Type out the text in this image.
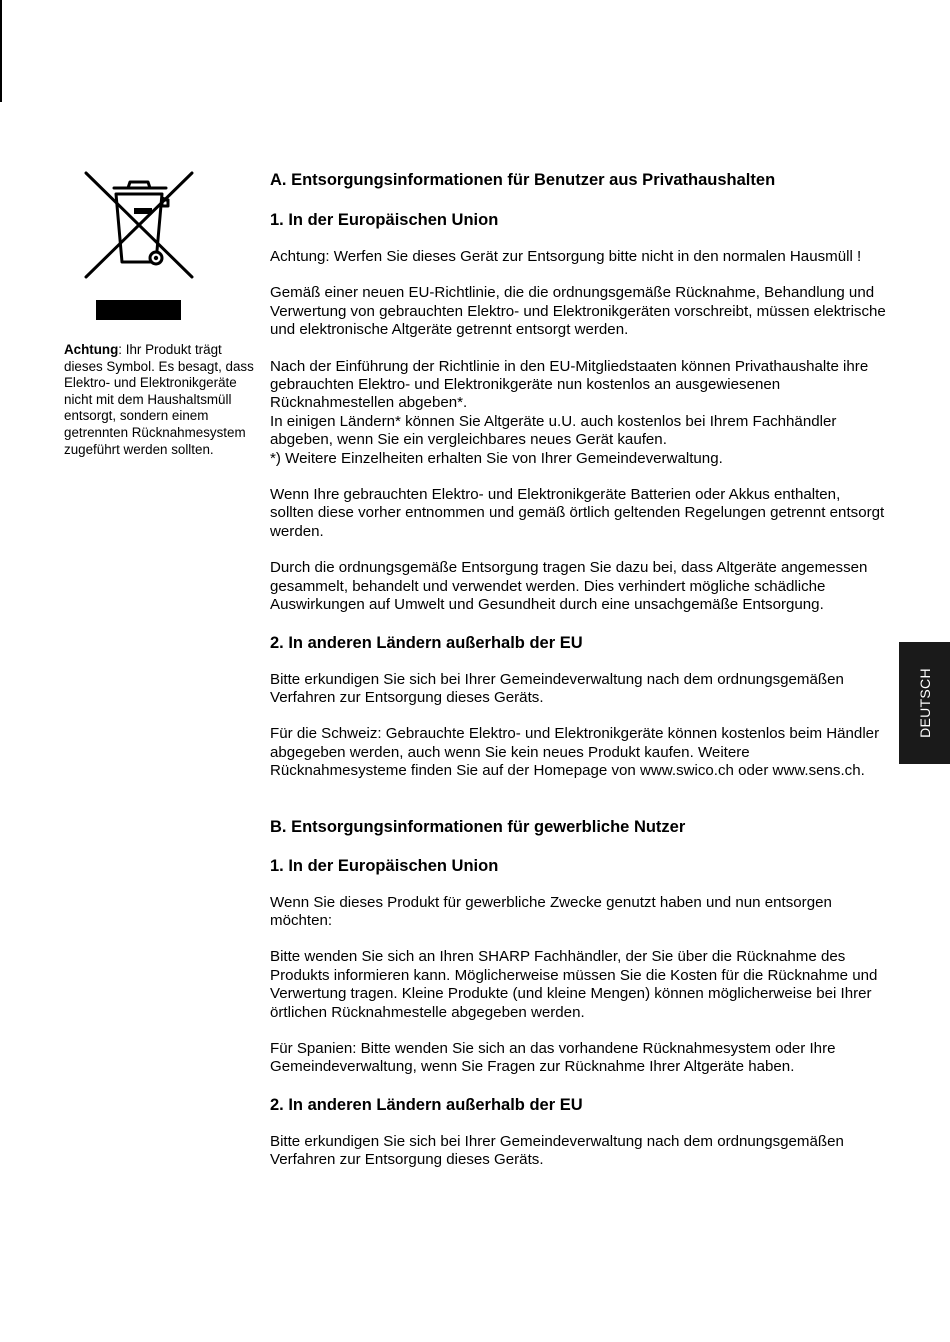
Achtung: Ihr Produkt trägt dieses Symbol. Es besagt, dass Elektro- und Elektronikgeräte nicht mit dem Haushaltsmüll entsorgt, sondern einem getrennten Rücknahmesystem zugeführt werden sollten.

A. Entsorgungsinformationen für Benutzer aus Privathaushalten

1. In der Europäischen Union

Achtung: Werfen Sie dieses Gerät zur Entsorgung bitte nicht in den normalen Hausmüll !

Gemäß einer neuen EU-Richtlinie, die die ordnungsgemäße Rücknahme, Behandlung und Verwertung von gebrauchten Elektro- und Elektronikgeräten vorschreibt, müssen elektrische und elektronische Altgeräte getrennt entsorgt werden.

Nach der Einführung der Richtlinie in den EU-Mitgliedstaaten können Privathaushalte ihre gebrauchten Elektro- und Elektronikgeräte nun kostenlos an ausgewiesenen Rücknahmestellen abgeben*.

In einigen Ländern* können Sie Altgeräte u.U. auch kostenlos bei Ihrem Fachhändler abgeben, wenn Sie ein vergleichbares neues Gerät kaufen.

*) Weitere Einzelheiten erhalten Sie von Ihrer Gemeindeverwaltung.

Wenn Ihre gebrauchten Elektro- und Elektronikgeräte Batterien oder Akkus enthalten, sollten diese vorher entnommen und gemäß örtlich geltenden Regelungen getrennt entsorgt werden.

Durch die ordnungsgemäße Entsorgung tragen Sie dazu bei, dass Altgeräte angemessen gesammelt, behandelt und verwendet werden. Dies verhindert mögliche schädliche Auswirkungen auf Umwelt und Gesundheit durch eine unsachgemäße Entsorgung.

2. In anderen Ländern außerhalb der EU

Bitte erkundigen Sie sich bei Ihrer Gemeindeverwaltung nach dem ordnungsgemäßen Verfahren zur Entsorgung dieses Geräts.

Für die Schweiz: Gebrauchte Elektro- und Elektronikgeräte können kostenlos beim Händler abgegeben werden, auch wenn Sie kein neues Produkt kaufen. Weitere Rücknahmesysteme finden Sie auf der Homepage von www.swico.ch oder www.sens.ch.

B. Entsorgungsinformationen für gewerbliche Nutzer

1. In der Europäischen Union

Wenn Sie dieses Produkt für gewerbliche Zwecke genutzt haben und nun entsorgen möchten:

Bitte wenden Sie sich an Ihren SHARP Fachhändler, der Sie über die Rücknahme des Produkts informieren kann. Möglicherweise müssen Sie die Kosten für die Rücknahme und Verwertung tragen. Kleine Produkte (und kleine Mengen) können möglicherweise bei Ihrer örtlichen Rücknahmestelle abgegeben werden.

Für Spanien: Bitte wenden Sie sich an das vorhandene Rücknahmesystem oder Ihre Gemeindeverwaltung, wenn Sie Fragen zur Rücknahme Ihrer Altgeräte haben.

2. In anderen Ländern außerhalb der EU

Bitte erkundigen Sie sich bei Ihrer Gemeindeverwaltung nach dem ordnungsgemäßen Verfahren zur Entsorgung dieses Geräts.

DEUTSCH
